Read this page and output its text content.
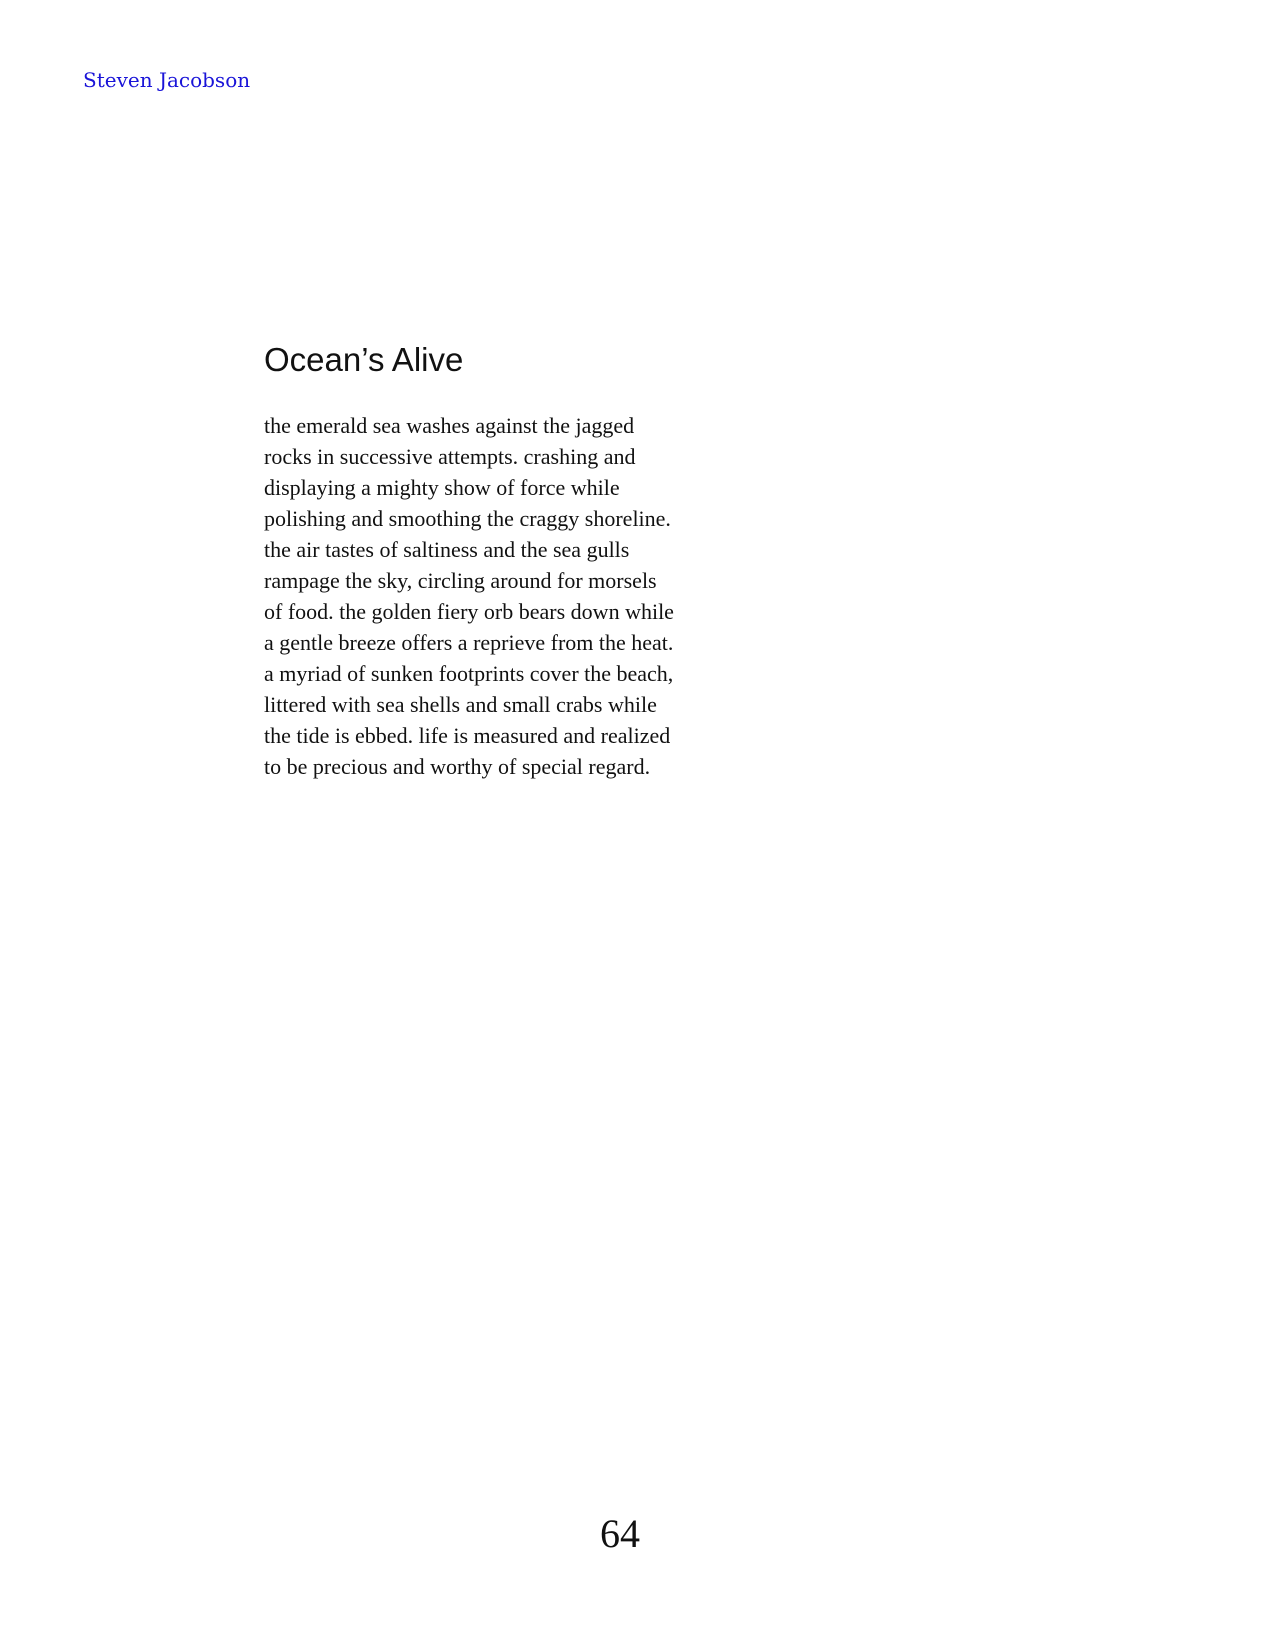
Steven Jacobson
Ocean’s Alive
the emerald sea washes against the jagged
rocks in successive attempts. crashing and
displaying a mighty show of force while
polishing and smoothing the craggy shoreline.
the air tastes of saltiness and the sea gulls
rampage the sky, circling around for morsels
of food. the golden fiery orb bears down while
a gentle breeze offers a reprieve from the heat.
a myriad of sunken footprints cover the beach,
littered with sea shells and small crabs while
the tide is ebbed. life is measured and realized
to be precious and worthy of special regard.
64
